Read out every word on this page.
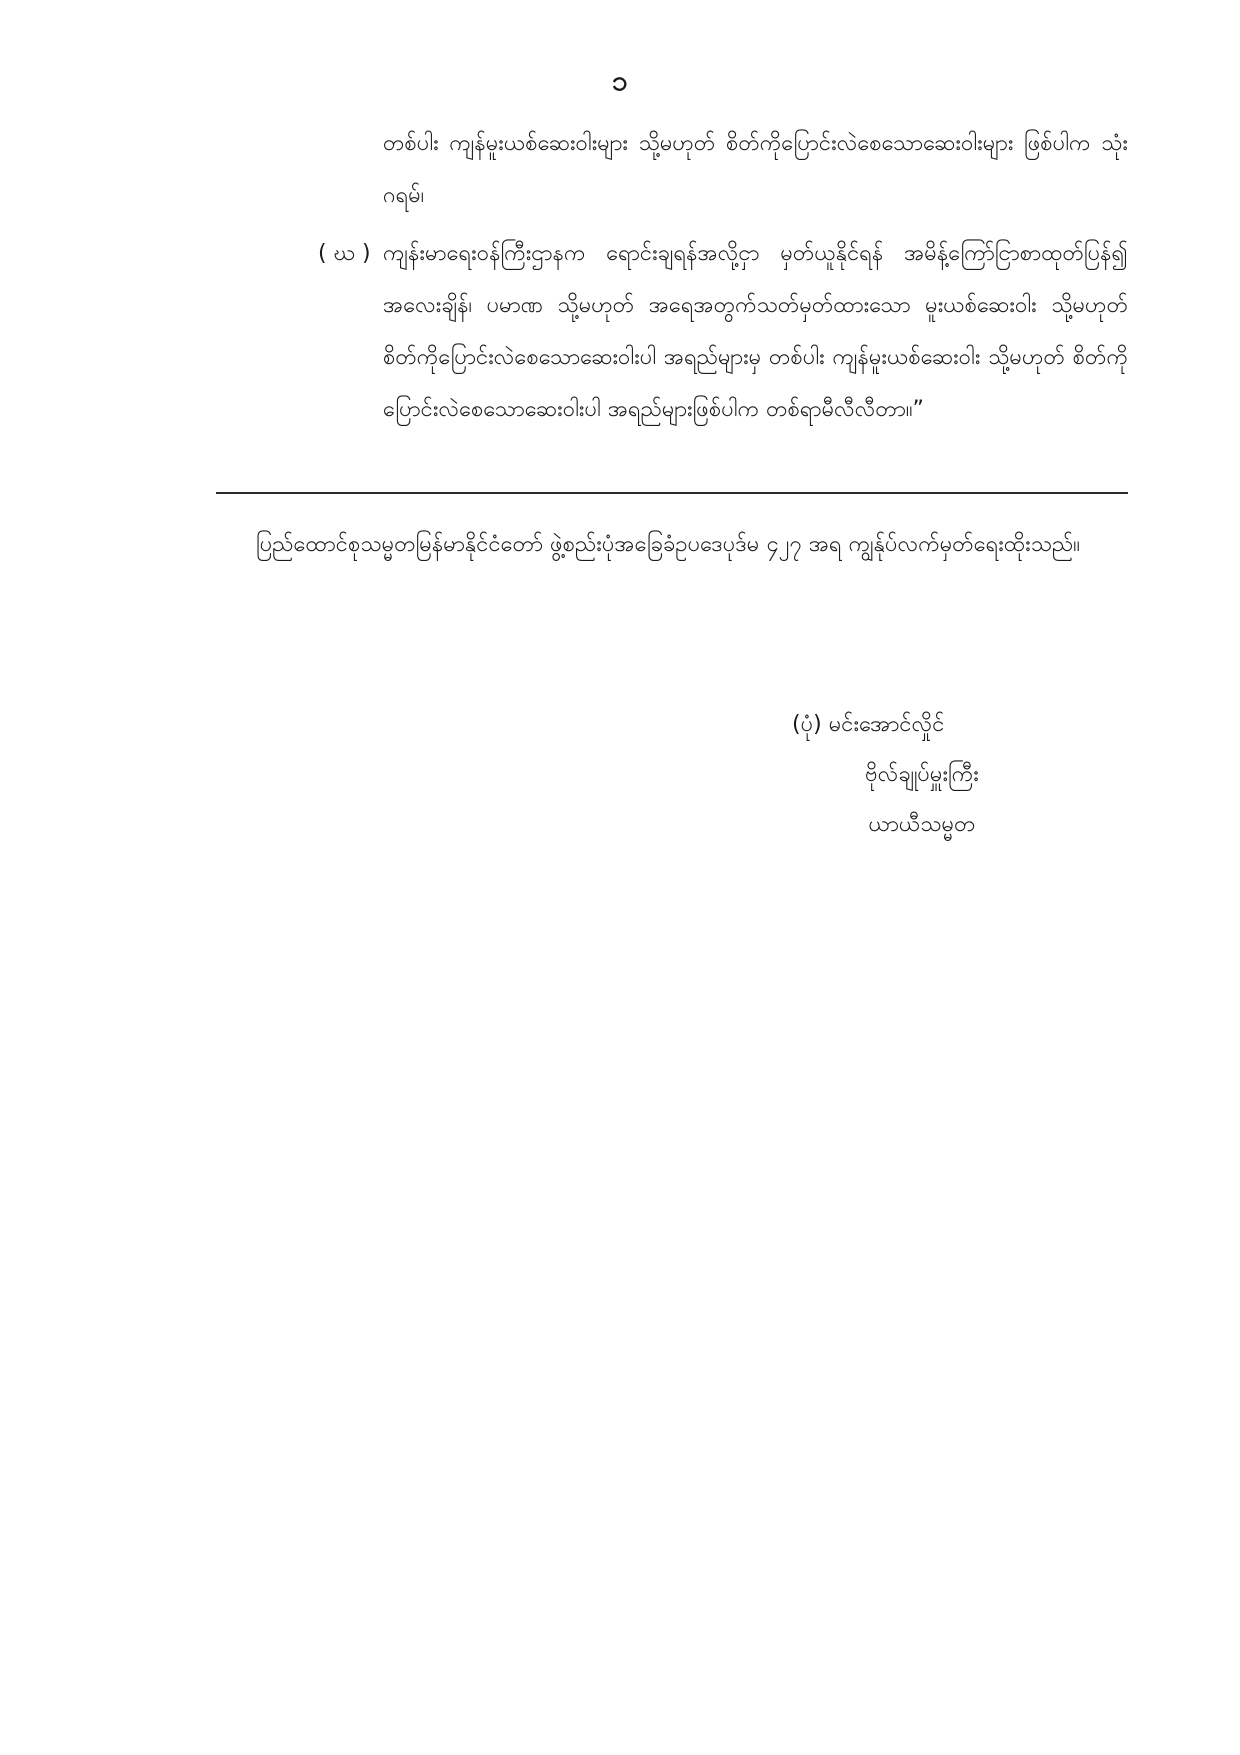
၁
တစ်ပါး ကျန်မူးယစ်ဆေးဝါးများ သို့မဟုတ် စိတ်ကိုပြောင်းလဲစေသောဆေးဝါးများ ဖြစ်ပါက သုံးဂရမ်၊
( ဃ ) ကျန်းမာရေးဝန်ကြီးဌာနက ရောင်းချရန်အလို့ငှာ မှတ်ယူနိုင်ရန် အမိန့်ကြော်ငြာစာထုတ်ပြန်၍ အလေးချိန်၊ ပမာဏ သို့မဟုတ် အရေအတွက်သတ်မှတ်ထားသော မူးယစ်ဆေးဝါး သို့မဟုတ် စိတ်ကိုပြောင်းလဲစေသောဆေးဝါးပါ အရည်များမှ တစ်ပါး ကျန်မူးယစ်ဆေးဝါး သို့မဟုတ် စိတ်ကိုပြောင်းလဲစေသောဆေးဝါးပါ အရည်များဖြစ်ပါက တစ်ရာမီလီလီတာ။”
ပြည်ထောင်စုသမ္မတမြန်မာနိုင်ငံတော် ဖွဲ့စည်းပုံအခြေခံဥပဒေပုဒ်မ ၄၂၇ အရ ကျွန်ုပ်လက်မှတ်ရေးထိုးသည်။
(ပုံ) မင်းအောင်လှိုင်
ဗိုလ်ချုပ်မှူးကြီး
ယာယီသမ္မတ
